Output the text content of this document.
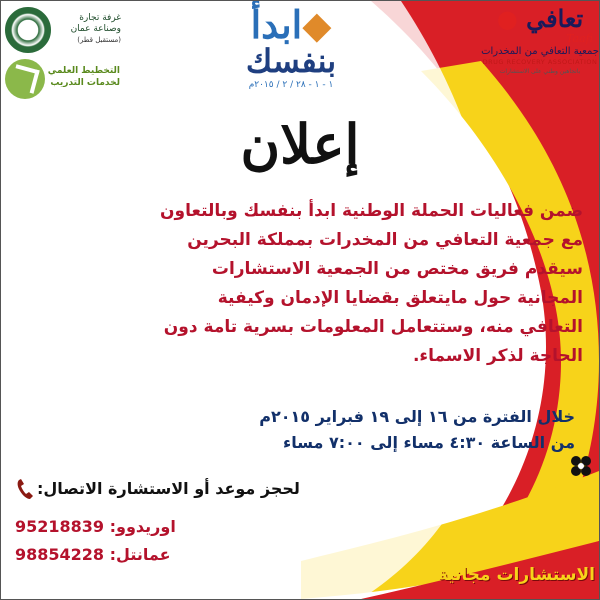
تعافي ●
Taafi
جمعية التعافي من المخدرات
DRUG RECOVERY ASSOCIATION
باتجاهين وطني على الاستشارات
◆ابدأ
بنفسك
١ - ١ - ٢٨ / ٢ / ٢٠١٥م
غرفة تجارة وصناعة عمان
(مستقبل قطر)
التخطيط العلمي لخدمات التدريب
إعلان
ضمن فعاليات الحملة الوطنية ابدأ بنفسك وبالتعاون
مع جمعية التعافي من المخدرات بمملكة البحرين
سيقدم فريق مختص من الجمعية الاستشارات
المجانية حول مايتعلق بقضايا الإدمان وكيفية
التعافي منه، وستتعامل المعلومات بسرية تامة دون
الحاجة لذكر الاسماء.
خلال الفترة من ١٦ إلى ١٩ فبراير ٢٠١٥م
من الساعة ٤:٣٠ مساء إلى ٧:٠٠ مساء
لحجز موعد أو الاستشارة الاتصال:
اوريدوو: 95218839
عمانتل: 98854228
الاستشارات مجانية
